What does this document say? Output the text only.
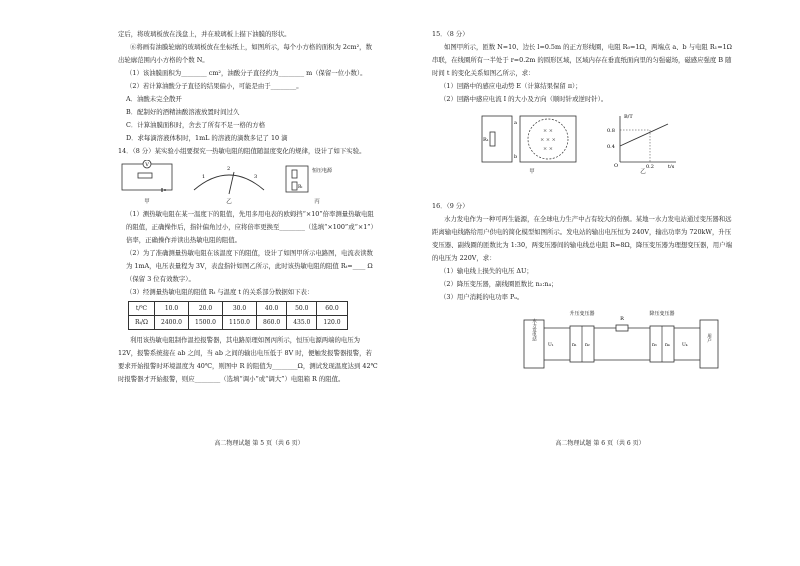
定后，将玻璃板放在浅盘上，并在玻璃板上描下油膜的形状。

⑥将画有油膜轮廓的玻璃板放在坐标纸上，如图所示，每个小方格的面积为 2cm²，数出轮廓范围内小方格的个数 N。

（1）该油膜面积为________ cm²，油酸分子直径约为________ m（保留一位小数）。

（2）若计算油酸分子直径的结果偏小，可能是由于________。

A．油酸未完全散开

B．配制好的酒精油酸溶液放置时间过久

C．计算油膜面积时，舍去了所有不足一格的方格

D．求每滴溶液体积时，1mL 的溶液的滴数多记了 10 滴

14．（8 分）某实验小组要探究一热敏电阻的阻值随温度变化的规律，设计了如下实验。

V
甲
1
2
3
乙
恒压电源
Rₜ
丙

（1）测热敏电阻在某一温度下的阻值，先用多用电表的欧姆挡“×10”倍率测量热敏电阻的阻值，正确操作后，指针偏角过小，应将倍率更换至________（选填“×100”或“×1”）倍率，正确操作并读出热敏电阻的阻值。

（2）为了准确测量热敏电阻在该温度下的阻值，设计了如图甲所示电路图，电流表读数为 1mA，电压表量程为 3V，表盘指针如图乙所示，此时该热敏电阻的阻值 Rₜ=____ Ω（保留 3 位有效数字）。

（3）经测量热敏电阻的阻值 Rₜ 与温度 t 的关系部分数据如下表：

t/℃	10.0	20.0	30.0	40.0	50.0	60.0
Rₜ/Ω	2400.0	1500.0	1150.0	860.0	435.0	120.0

利用该热敏电阻制作温控报警器，其电路原理如图丙所示，恒压电源两端的电压为 12V，报警系统接在 ab 之间，当 ab 之间的输出电压低于 8V 时，便触发报警器报警，若要求开始报警时环境温度为 40℃，则图中 R 的阻值为________Ω，测试发现温度达到 42℃时报警器才开始报警，则应________（选填“调小”或“调大”）电阻箱 R 的阻值。

高二物理试题 第 5 页（共 6 页）

15．（8 分）

如图甲所示，匝数 N=10、边长 l=0.5m 的正方形线圈，电阻 R₀=1Ω，两端点 a、b 与电阻 R₁=1Ω 串联，在线圈所有一半处于 r=0.2m 的圆形区域，区域内存在垂直纸面向里的匀强磁场，磁感应强度 B 随时间 t 的变化关系如图乙所示，求：

（1）回路中的感应电动势 E（计算结果保留 π）；

（2）回路中感应电流 I 的大小及方向（顺时针或逆时针）。

R₁
a
b
× × ×
× ×
× ×
甲
B/T
t/s
O
0.8
0.4
0.2
乙

16．（9 分）

水力发电作为一种可再生能源，在全球电力生产中占有较大的份额。某地一水力发电站通过变压器和远距离输电线路给用户供电的简化模型如图所示。发电站的输出电压恒为 240V，输出功率为 720kW，升压变压器、副线圈的匝数比为 1:30，两变压器间的输电线总电阻 R=8Ω，降压变压器为理想变压器，用户端的电压为 220V，求：

（1）输电线上损失的电压 ΔU；

（2）降压变压器，副线圈匝数比 n₃:n₄；

（3）用户消耗的电功率 Pᵤ。

升压变压器	降压变压器
R
水力发电站
n₁ n₂
U₁	n₃ n₄	U₄
用户
高二物理试题 第 6 页（共 6 页）
